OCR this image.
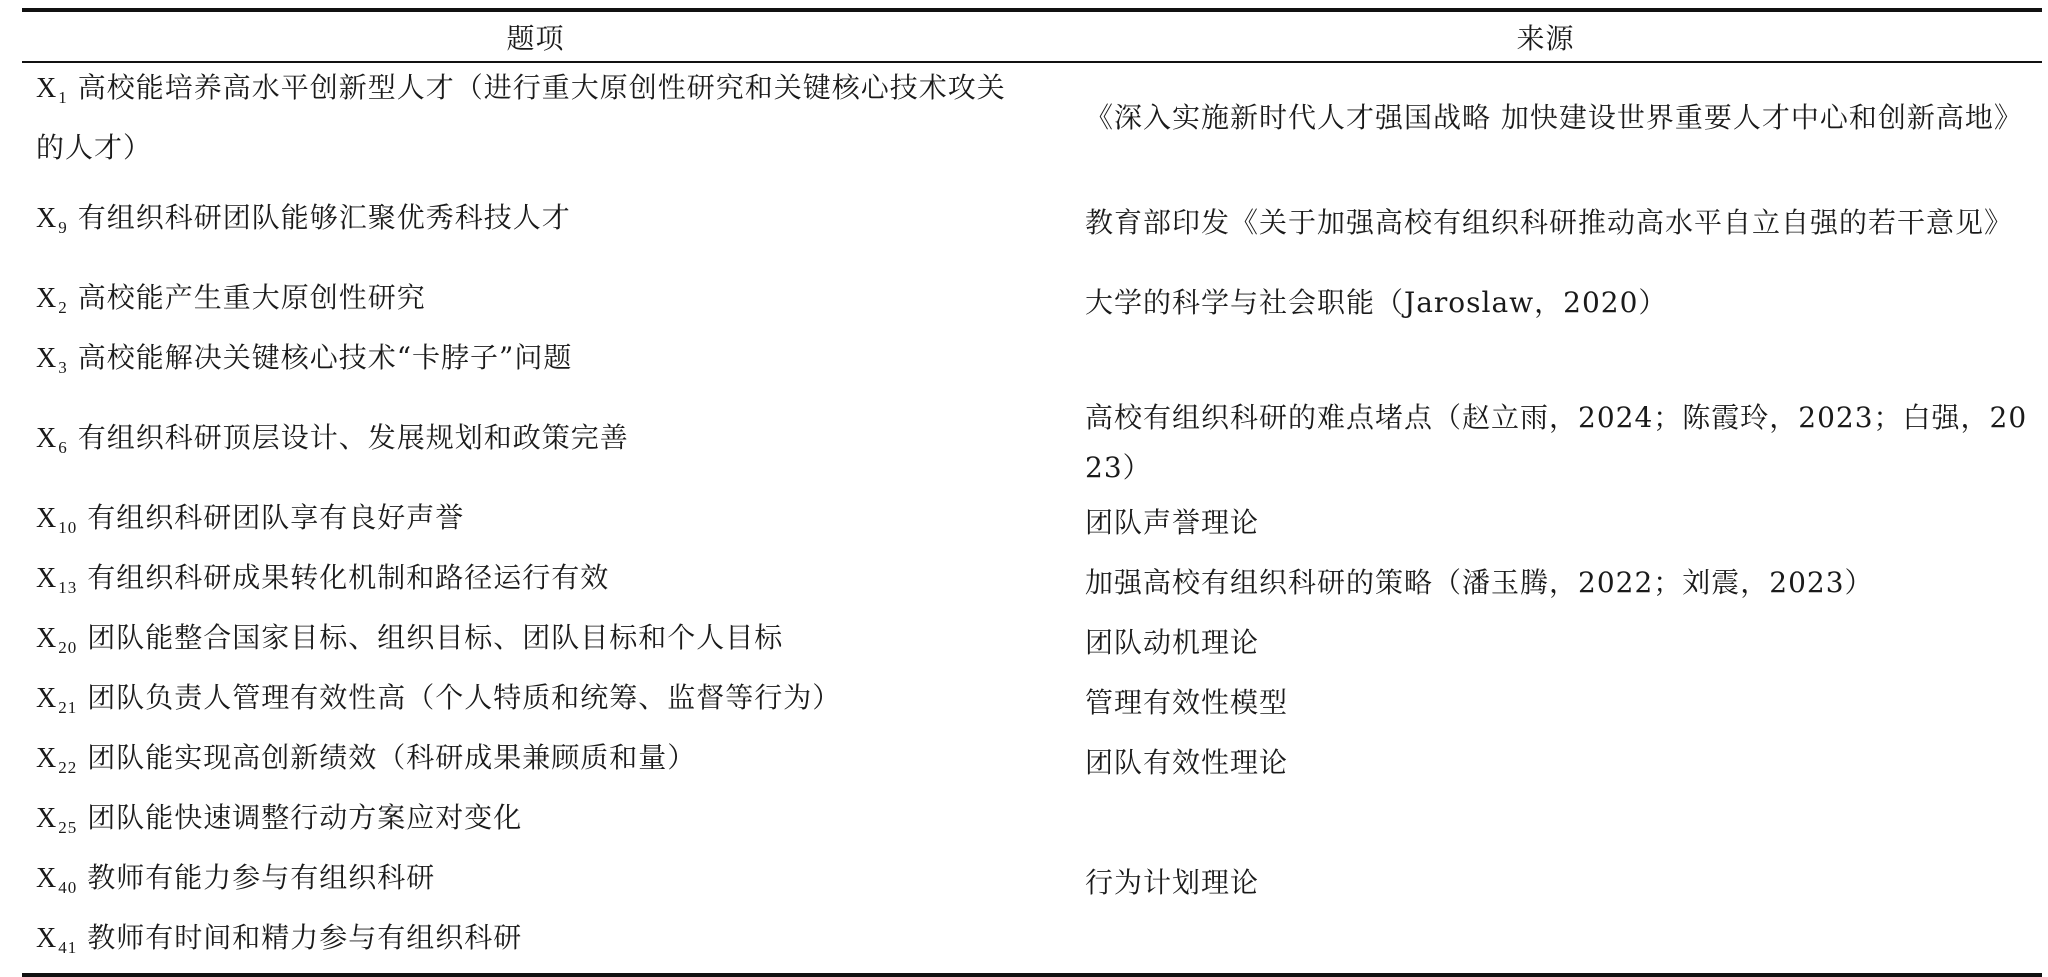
题项	来源
$X_1$ 高校能培养高水平创新型人才（进行重大原创性研究和关键核心技术攻关的人才）	《深入实施新时代人才强国战略 加快建设世界重要人才中心和创新高地》
$X_9$ 有组织科研团队能够汇聚优秀科技人才	教育部印发《关于加强高校有组织科研推动高水平自立自强的若干意见》
$X_2$ 高校能产生重大原创性研究	大学的科学与社会职能（Jaroslaw，2020）
$X_3$ 高校能解决关键核心技术“卡脖子”问题	
$X_6$ 有组织科研顶层设计、发展规划和政策完善	高校有组织科研的难点堵点（赵立雨，2024；陈霞玲，2023；白强，2023）
$X_{10}$ 有组织科研团队享有良好声誉	团队声誉理论
$X_{13}$ 有组织科研成果转化机制和路径运行有效	加强高校有组织科研的策略（潘玉腾，2022；刘震，2023）
$X_{20}$ 团队能整合国家目标、组织目标、团队目标和个人目标	团队动机理论
$X_{21}$ 团队负责人管理有效性高（个人特质和统筹、监督等行为）	管理有效性模型
$X_{22}$ 团队能实现高创新绩效（科研成果兼顾质和量）	团队有效性理论
$X_{25}$ 团队能快速调整行动方案应对变化	
$X_{40}$ 教师有能力参与有组织科研	行为计划理论
$X_{41}$ 教师有时间和精力参与有组织科研	
